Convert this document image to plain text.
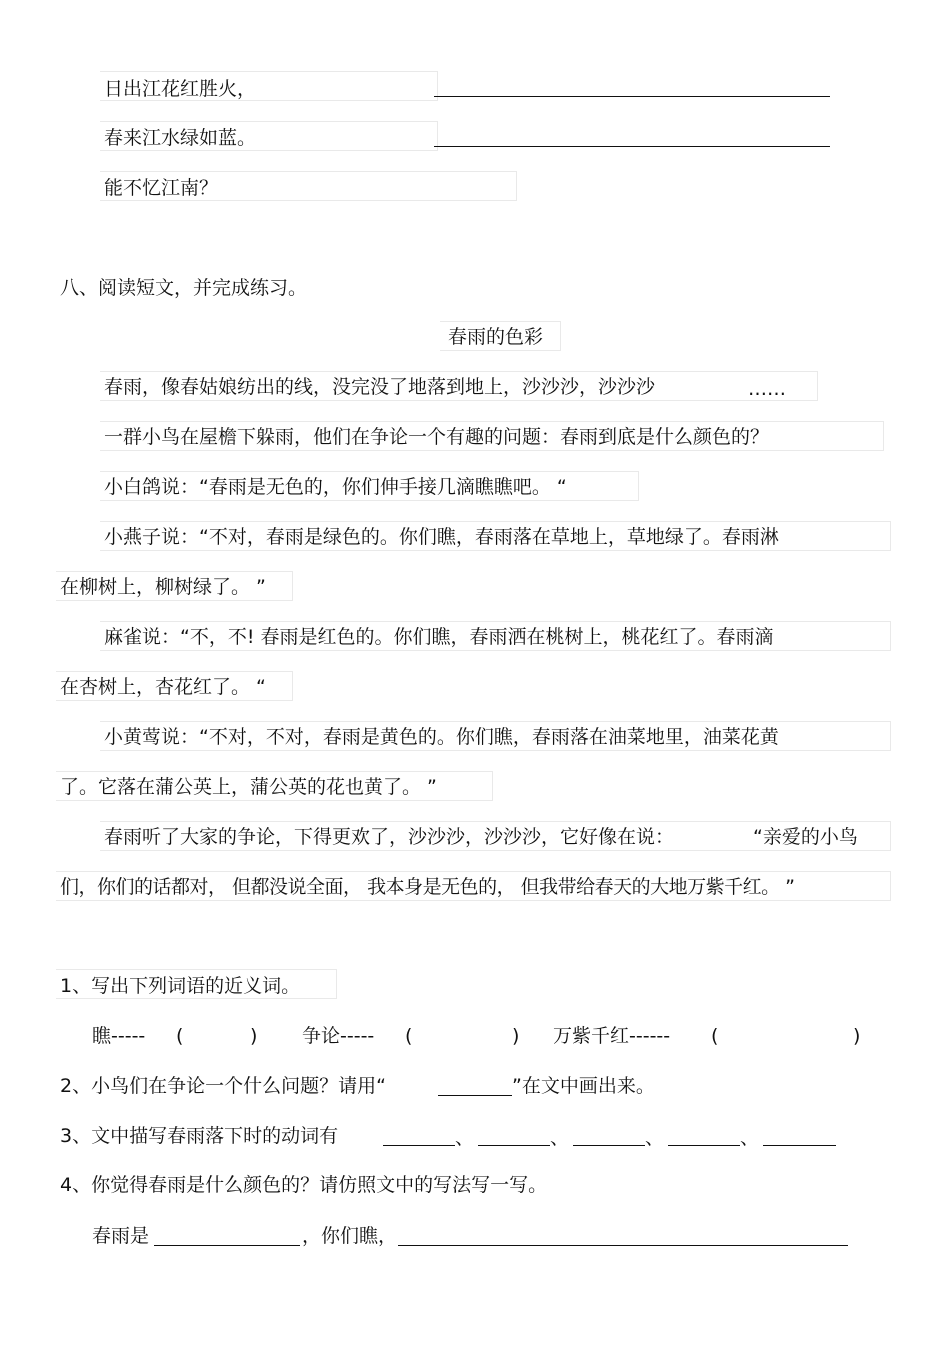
日出江花红胜火，
春来江水绿如蓝。
能不忆江南？
八、阅读短文，并完成练习。
春雨的色彩
春雨，像春姑娘纺出的线，没完没了地落到地上，沙沙沙，沙沙沙	……
一群小鸟在屋檐下躲雨，他们在争论一个有趣的问题：春雨到底是什么颜色的？
小白鸽说：“春雨是无色的，你们伸手接几滴瞧瞧吧。 “
小燕子说：“不对，春雨是绿色的。你们瞧，春雨落在草地上，草地绿了。春雨淋
在柳树上，柳树绿了。 ”
麻雀说：“不，不! 春雨是红色的。你们瞧，春雨洒在桃树上，桃花红了。春雨滴
在杏树上，杏花红了。 “
小黄莺说：“不对，不对，春雨是黄色的。你们瞧，春雨落在油菜地里，油菜花黄
了。它落在蒲公英上，蒲公英的花也黄了。 ”
春雨听了大家的争论，下得更欢了，沙沙沙，沙沙沙，它好像在说：	“亲爱的小鸟
们，你们的话都对， 但都没说全面， 我本身是无色的， 但我带给春天的大地万紫千红。 ”
1、写出下列词语的近义词。
瞧----- (	) 争论----- (	) 万紫千红------ (	)
2、小鸟们在争论一个什么问题？请用“	”在文中画出来。
3、文中描写春雨落下时的动词有	、	、	、	、
4、你觉得春雨是什么颜色的？请仿照文中的写法写一写。
春雨是	，你们瞧，
